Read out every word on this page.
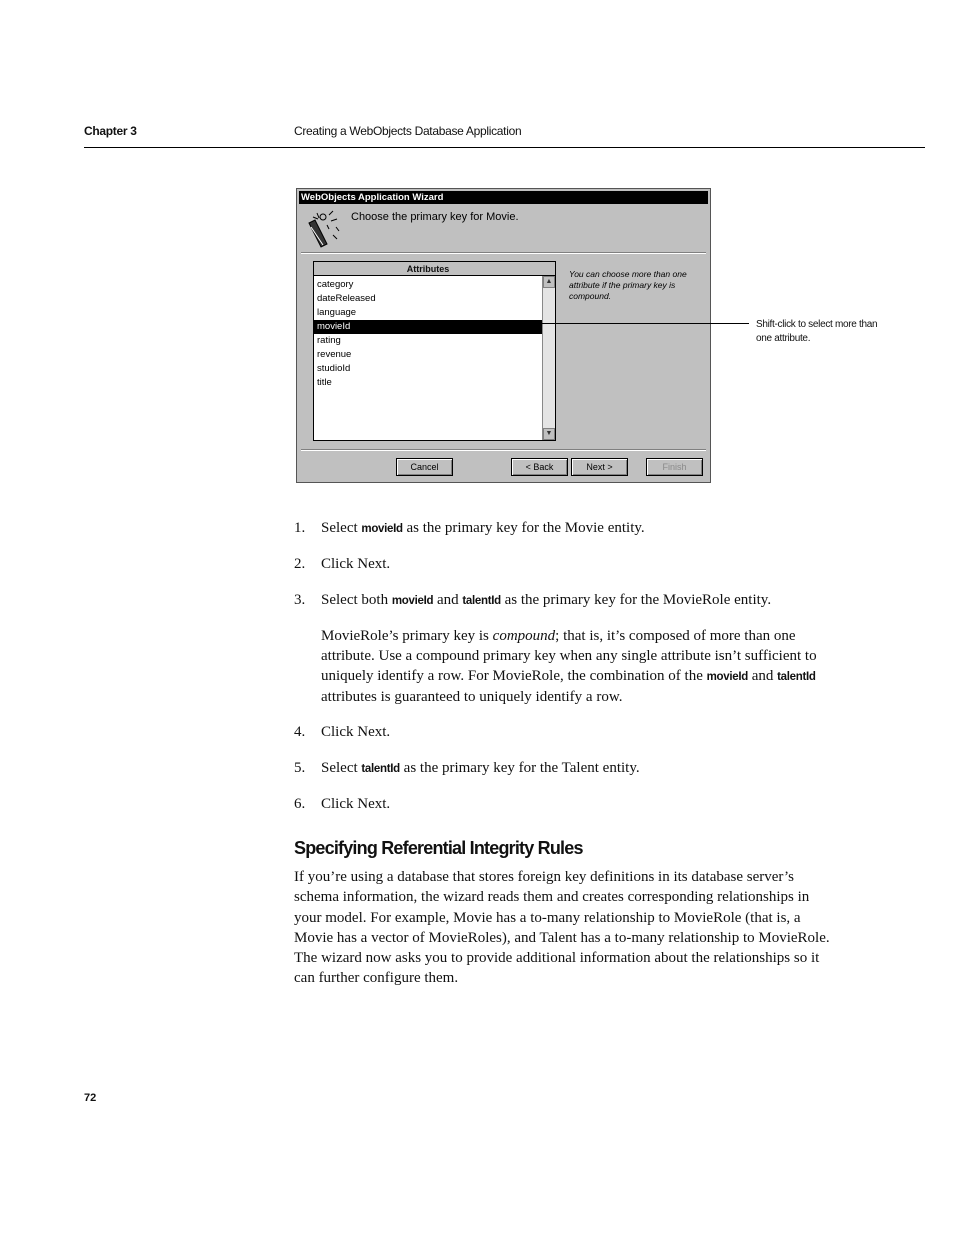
Chapter 3	Creating a WebObjects Database Application
WebObjects Application Wizard
Choose the primary key for Movie.
Attributes
category
dateReleased
language
movieId
rating
revenue
studioId
title
▲
▼
You can choose more than one attribute if the primary key is compound.
Cancel	< Back	Next >	Finish
Shift-click to select more than one attribute.
1.	Select movieId as the primary key for the Movie entity.
2.	Click Next.
3.	Select both movieId and talentId as the primary key for the MovieRole entity.
MovieRole’s primary key is compound; that is, it’s composed of more than one attribute. Use a compound primary key when any single attribute isn’t sufficient to uniquely identify a row. For MovieRole, the combination of the movieId and talentId attributes is guaranteed to uniquely identify a row.
4.	Click Next.
5.	Select talentId as the primary key for the Talent entity.
6.	Click Next.
Specifying Referential Integrity Rules

If you’re using a database that stores foreign key definitions in its database server’s schema information, the wizard reads them and creates corresponding relationships in your model. For example, Movie has a to-many relationship to MovieRole (that is, a Movie has a vector of MovieRoles), and Talent has a to-many relationship to MovieRole. The wizard now asks you to provide additional information about the relationships so it can further configure them.

72
